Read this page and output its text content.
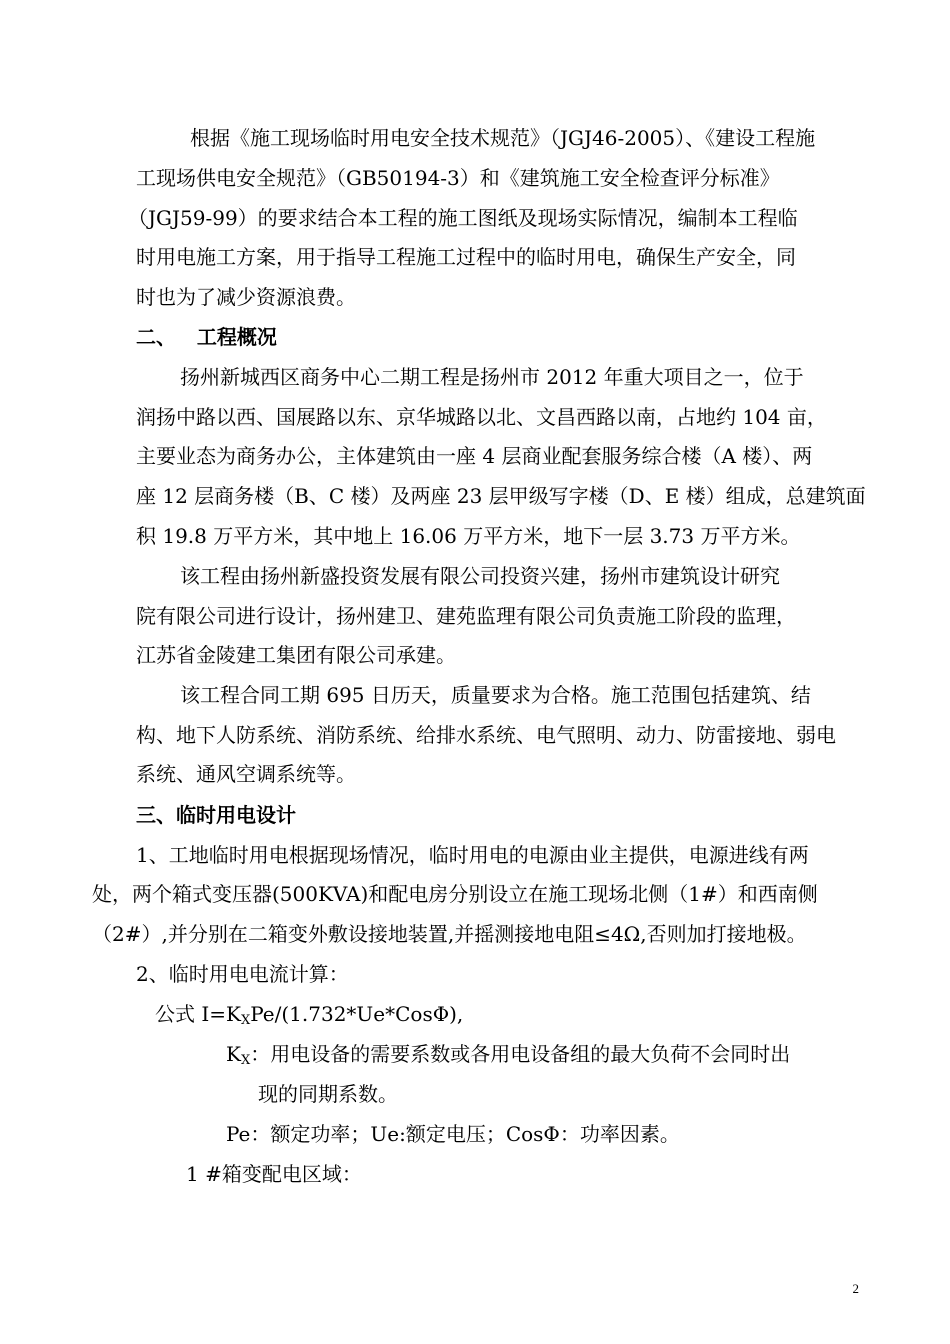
根据《施工现场临时用电安全技术规范》（JGJ46-2005）、《建设工程施
工现场供电安全规范》（GB50194-3）和《建筑施工安全检查评分标准》
（JGJ59-99）的要求结合本工程的施工图纸及现场实际情况，编制本工程临
时用电施工方案，用于指导工程施工过程中的临时用电，确保生产安全，同
时也为了减少资源浪费。
二、   工程概况
扬州新城西区商务中心二期工程是扬州市 2012 年重大项目之一，位于
润扬中路以西、国展路以东、京华城路以北、文昌西路以南，占地约 104 亩，
主要业态为商务办公，主体建筑由一座 4 层商业配套服务综合楼（A 楼）、两
座 12 层商务楼（B、C 楼）及两座 23 层甲级写字楼（D、E 楼）组成，总建筑面
积 19.8 万平方米，其中地上 16.06 万平方米，地下一层 3.73 万平方米。
该工程由扬州新盛投资发展有限公司投资兴建，扬州市建筑设计研究
院有限公司进行设计，扬州建卫、建苑监理有限公司负责施工阶段的监理，
江苏省金陵建工集团有限公司承建。
该工程合同工期 695 日历天，质量要求为合格。施工范围包括建筑、结
构、地下人防系统、消防系统、给排水系统、电气照明、动力、防雷接地、弱电
系统、通风空调系统等。
三、临时用电设计
1、工地临时用电根据现场情况，临时用电的电源由业主提供，电源进线有两
处，两个箱式变压器(500KVA)和配电房分别设立在施工现场北侧（1#）和西南侧
（2#）,并分别在二箱变外敷设接地装置,并摇测接地电阻≤4Ω,否则加打接地极。
2、临时用电电流计算：
公式 $I=K_XPe/(1.732*Ue*Cos\Phi)$,
$K_X$：用电设备的需要系数或各用电设备组的最大负荷不会同时出
现的同期系数。
Pe：额定功率；Ue:额定电压；CosΦ：功率因素。
1 #箱变配电区域：
2
